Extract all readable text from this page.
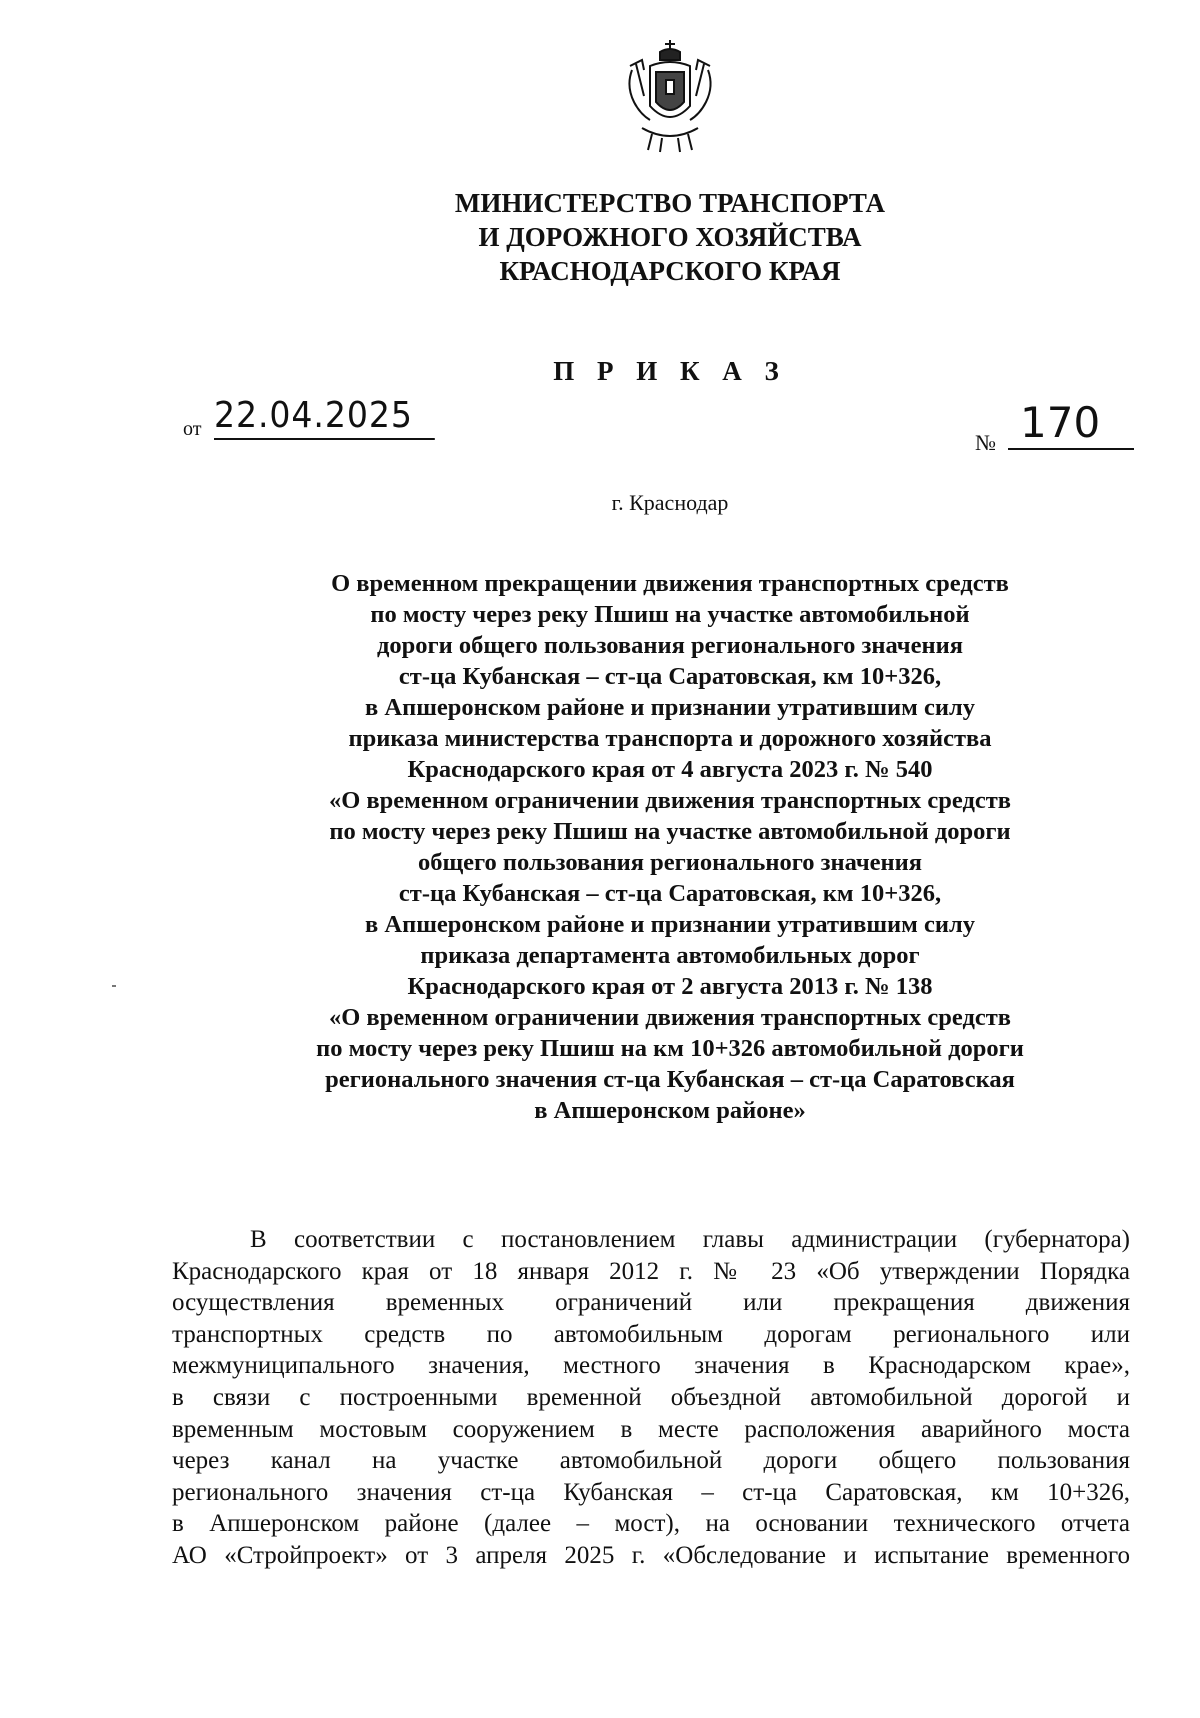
МИНИСТЕРСТВО ТРАНСПОРТА
И ДОРОЖНОГО ХОЗЯЙСТВА
КРАСНОДАРСКОГО КРАЯ
П Р И К А З
от 22.04.2025
№ 170
г. Краснодар
О временном прекращении движения транспортных средств
по мосту через реку Пшиш на участке автомобильной
дороги общего пользования регионального значения
ст-ца Кубанская – ст-ца Саратовская, км 10+326,
в Апшеронском районе и признании утратившим силу
приказа министерства транспорта и дорожного хозяйства
Краснодарского края от 4 августа 2023 г. № 540
«О временном ограничении движения транспортных средств
по мосту через реку Пшиш на участке автомобильной дороги
общего пользования регионального значения
ст-ца Кубанская – ст-ца Саратовская, км 10+326,
в Апшеронском районе и признании утратившим силу
приказа департамента автомобильных дорог
Краснодарского края от 2 августа 2013 г. № 138
«О временном ограничении движения транспортных средств
по мосту через реку Пшиш на км 10+326 автомобильной дороги
регионального значения ст-ца Кубанская – ст-ца Саратовская
в Апшеронском районе»
В соответствии с постановлением главы администрации (губернатора)
Краснодарского края от 18 января 2012 г. № 23 «Об утверждении Порядка
осуществления временных ограничений или прекращения движения
транспортных средств по автомобильным дорогам регионального или
межмуниципального значения, местного значения в Краснодарском крае»,
в связи с построенными временной объездной автомобильной дорогой и
временным мостовым сооружением в месте расположения аварийного моста
через канал на участке автомобильной дороги общего пользования
регионального значения ст-ца Кубанская – ст-ца Саратовская, км 10+326,
в Апшеронском районе (далее – мост), на основании технического отчета
АО «Стройпроект» от 3 апреля 2025 г. «Обследование и испытание временного
